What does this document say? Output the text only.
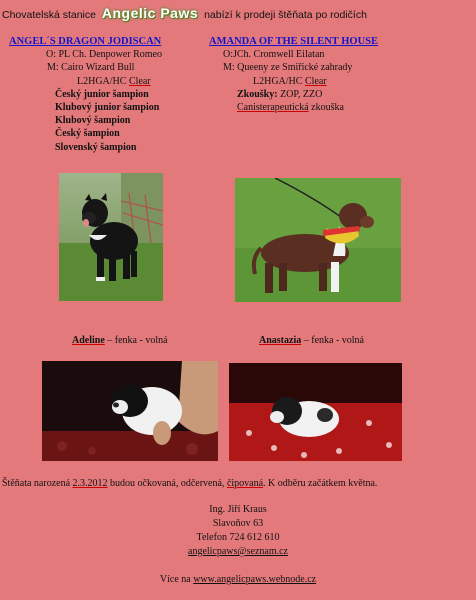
Chovatelská stanice Angelic Paws nabízí k prodeji štěňata po rodičích
ANGEL´S DRAGON JODISCAN
O: PL Ch. Denpower Romeo
M: Cairo Wizard Bull
L2HGA/HC Clear
Český junior šampion
Klubový junior šampion
Klubový šampion
Český šampion
Slovenský šampion
AMANDA OF THE SILENT HOUSE
O:JCh. Cromwell Eilatan
M: Queeny ze Smiřické zahrady
L2HGA/HC Clear
Zkoušky: ZOP, ZZO
Canisterapeutická zkouška
Adeline – fenka - volná	Anastazia – fenka - volná
Štěňata narozená 2.3.2012 budou očkovaná, odčervená, čipovaná. K odběru začátkem května.
Ing. Jiří Kraus
Slavoňov 63
Telefon 724 612 610
angelicpaws@seznam.cz
Více na www.angelicpaws.webnode.cz
